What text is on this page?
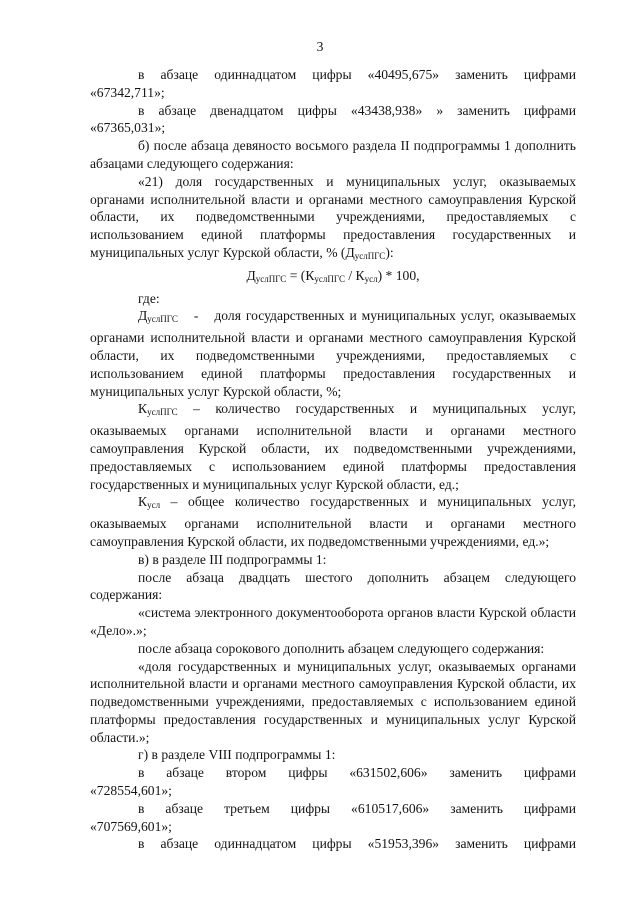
3

в абзаце одиннадцатом цифры «40495,675» заменить цифрами

«67342,711»;

в абзаце двенадцатом цифры «43438,938» » заменить цифрами

«67365,031»;

б) после абзаца девяносто восьмого раздела II подпрограммы 1 дополнить абзацами следующего содержания:

«21) доля государственных и муниципальных услуг, оказываемых органами исполнительной власти и органами местного самоуправления Курской области, их подведомственными учреждениями, предоставляемых с использованием единой платформы предоставления государственных и муниципальных услуг Курской области, % $(Д_{услПГС})$:

$Д_{услПГС} = (К_{услПГС} / К_{усл}) * 100$,

где:

$Д_{услПГС}$ - доля государственных и муниципальных услуг, оказываемых органами исполнительной власти и органами местного самоуправления Курской области, их подведомственными учреждениями, предоставляемых с использованием единой платформы предоставления государственных и муниципальных услуг Курской области, %;

$К_{услПГС}$ – количество государственных и муниципальных услуг, оказываемых органами исполнительной власти и органами местного самоуправления Курской области, их подведомственными учреждениями, предоставляемых с использованием единой платформы предоставления государственных и муниципальных услуг Курской области, ед.;

$К_{усл}$ – общее количество государственных и муниципальных услуг, оказываемых органами исполнительной власти и органами местного самоуправления Курской области, их подведомственными учреждениями, ед.»;

в) в разделе III подпрограммы 1:

после абзаца двадцать шестого дополнить абзацем следующего содержания:

«система электронного документооборота органов власти Курской области «Дело».»;

после абзаца сорокового дополнить абзацем следующего содержания:

«доля государственных и муниципальных услуг, оказываемых органами исполнительной власти и органами местного самоуправления Курской области, их подведомственными учреждениями, предоставляемых с использованием единой платформы предоставления государственных и муниципальных услуг Курской области.»;

г) в разделе VIII подпрограммы 1:

в абзаце втором цифры «631502,606» заменить цифрами

«728554,601»;

в абзаце третьем цифры «610517,606» заменить цифрами

«707569,601»;

в абзаце одиннадцатом цифры «51953,396» заменить цифрами
